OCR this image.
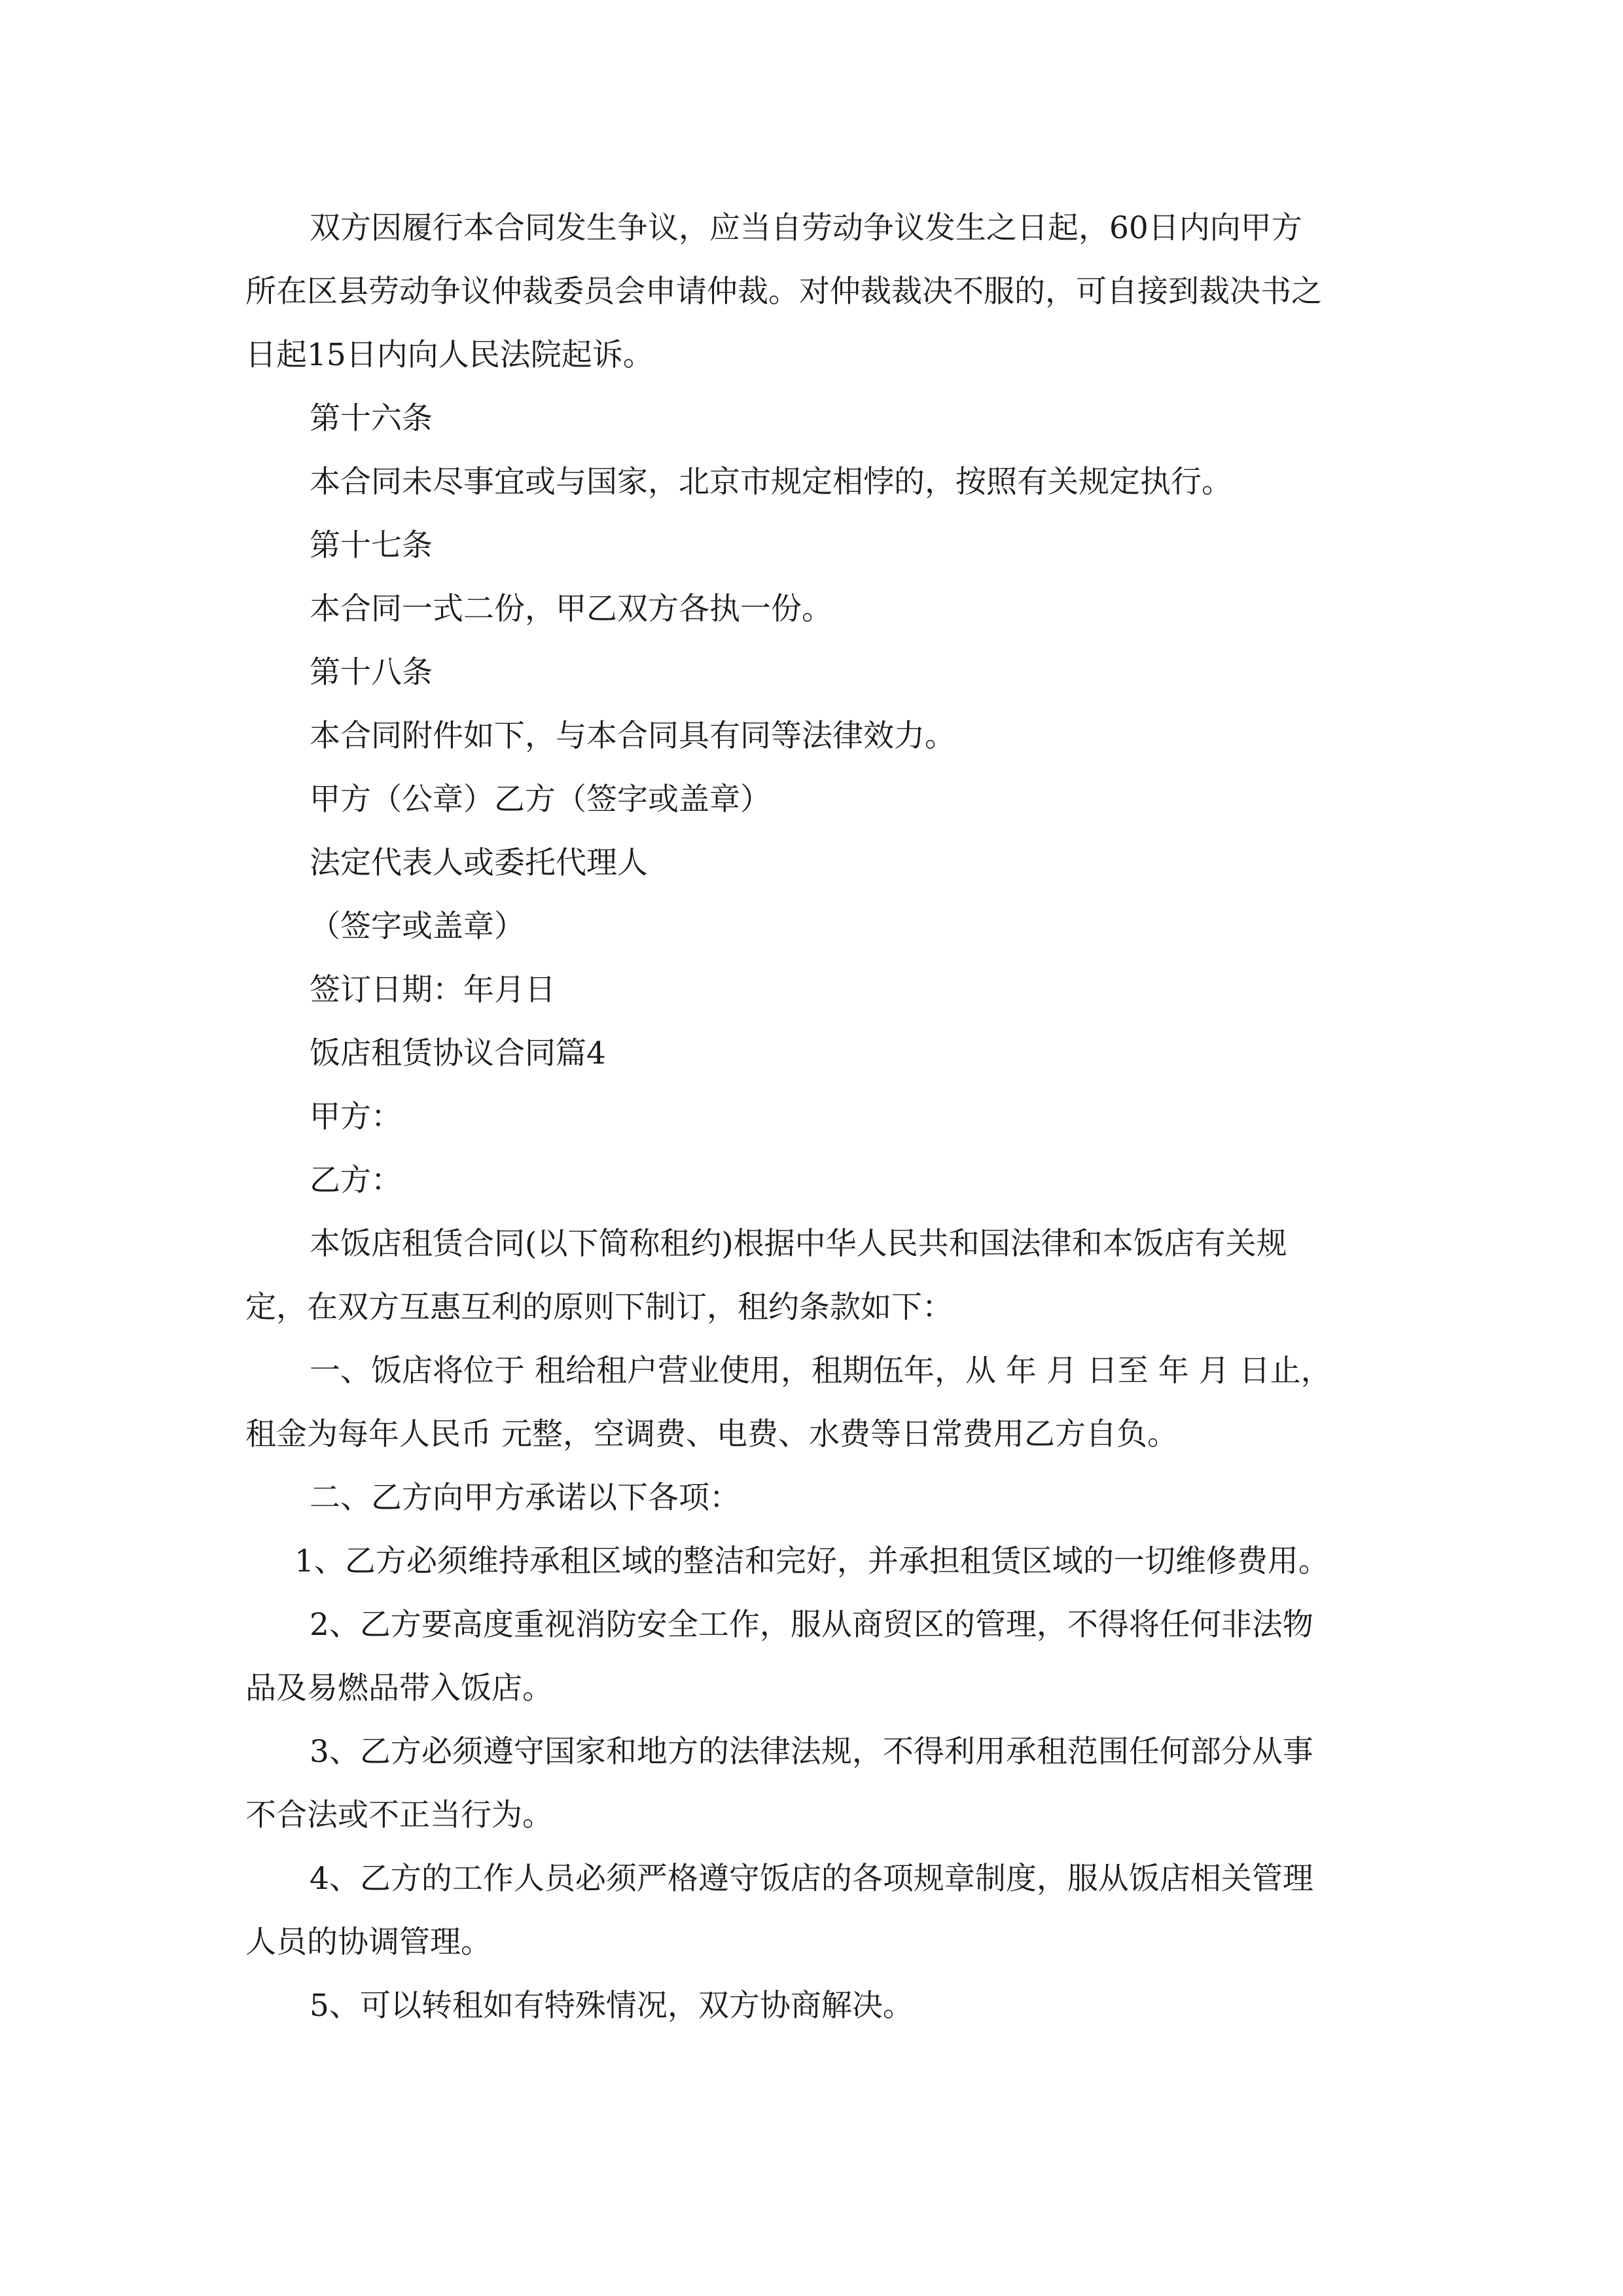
双方因履行本合同发生争议，应当自劳动争议发生之日起，60日内向甲方
所在区县劳动争议仲裁委员会申请仲裁。对仲裁裁决不服的，可自接到裁决书之
日起15日内向人民法院起诉。

第十六条

本合同未尽事宜或与国家，北京市规定相悖的，按照有关规定执行。

第十七条

本合同一式二份，甲乙双方各执一份。

第十八条

本合同附件如下，与本合同具有同等法律效力。

甲方（公章）乙方（签字或盖章）

法定代表人或委托代理人

（签字或盖章）

签订日期：年月日

饭店租赁协议合同篇4

甲方：

乙方：

本饭店租赁合同(以下简称租约)根据中华人民共和国法律和本饭店有关规
定，在双方互惠互利的原则下制订，租约条款如下：

一、饭店将位于 租给租户营业使用，租期伍年，从 年 月 日至 年 月 日止，
租金为每年人民币 元整，空调费、电费、水费等日常费用乙方自负。

二、乙方向甲方承诺以下各项：

1、乙方必须维持承租区域的整洁和完好，并承担租赁区域的一切维修费用。

2、乙方要高度重视消防安全工作，服从商贸区的管理，不得将任何非法物
品及易燃品带入饭店。

3、乙方必须遵守国家和地方的法律法规，不得利用承租范围任何部分从事
不合法或不正当行为。

4、乙方的工作人员必须严格遵守饭店的各项规章制度，服从饭店相关管理
人员的协调管理。

5、可以转租如有特殊情况，双方协商解决。
